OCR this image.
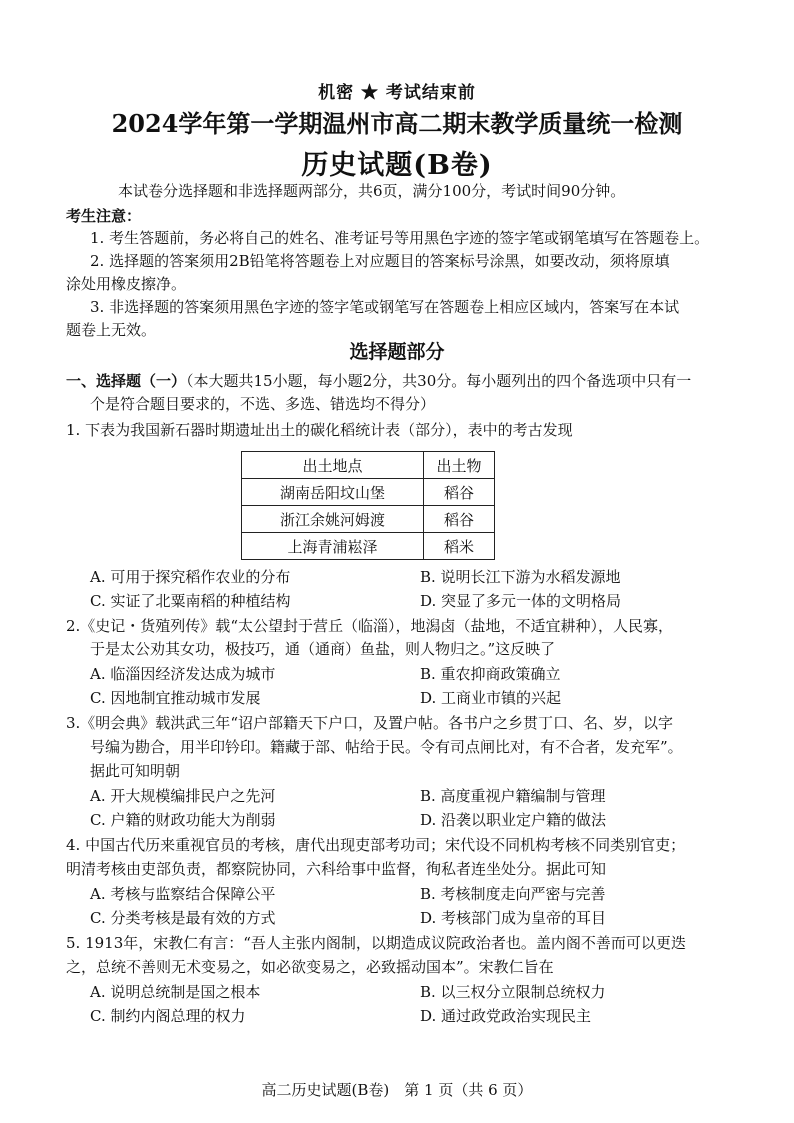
机密 ★ 考试结束前
2024学年第一学期温州市高二期末教学质量统一检测
历史试题(B卷)
本试卷分选择题和非选择题两部分，共6页，满分100分，考试时间90分钟。
考生注意：
1. 考生答题前，务必将自己的姓名、准考证号等用黑色字迹的签字笔或钢笔填写在答题卷上。
2. 选择题的答案须用2B铅笔将答题卷上对应题目的答案标号涂黑，如要改动，须将原填
涂处用橡皮擦净。
3. 非选择题的答案须用黑色字迹的签字笔或钢笔写在答题卷上相应区域内，答案写在本试
题卷上无效。
选择题部分
一、选择题（一）（本大题共15小题，每小题2分，共30分。每小题列出的四个备选项中只有一
个是符合题目要求的，不选、多选、错选均不得分）
1. 下表为我国新石器时期遗址出土的碳化稻统计表（部分），表中的考古发现
出土地点	出土物
湖南岳阳坟山堡	稻谷
浙江余姚河姆渡	稻谷
上海青浦崧泽	稻米
A. 可用于探究稻作农业的分布	B. 说明长江下游为水稻发源地
C. 实证了北粟南稻的种植结构	D. 突显了多元一体的文明格局
2.《史记・货殖列传》载“太公望封于营丘（临淄），地潟卤（盐地，不适宜耕种），人民寡，
于是太公劝其女功，极技巧，通（通商）鱼盐，则人物归之。”这反映了
A. 临淄因经济发达成为城市	B. 重农抑商政策确立
C. 因地制宜推动城市发展	D. 工商业市镇的兴起
3.《明会典》载洪武三年“诏户部籍天下户口，及置户帖。各书户之乡贯丁口、名、岁，以字
号编为勘合，用半印钤印。籍藏于部、帖给于民。令有司点闸比对，有不合者，发充军”。
据此可知明朝
A. 开大规模编排民户之先河	B. 高度重视户籍编制与管理
C. 户籍的财政功能大为削弱	D. 沿袭以职业定户籍的做法
4. 中国古代历来重视官员的考核，唐代出现吏部考功司；宋代设不同机构考核不同类别官吏；
明清考核由吏部负责，都察院协同，六科给事中监督，徇私者连坐处分。据此可知
A. 考核与监察结合保障公平	B. 考核制度走向严密与完善
C. 分类考核是最有效的方式	D. 考核部门成为皇帝的耳目
5. 1913年，宋教仁有言：“吾人主张内阁制，以期造成议院政治者也。盖内阁不善而可以更迭
之，总统不善则无术变易之，如必欲变易之，必致摇动国本”。宋教仁旨在
A. 说明总统制是国之根本	B. 以三权分立限制总统权力
C. 制约内阁总理的权力	D. 通过政党政治实现民主
高二历史试题(B卷)　第 1 页（共 6 页）
